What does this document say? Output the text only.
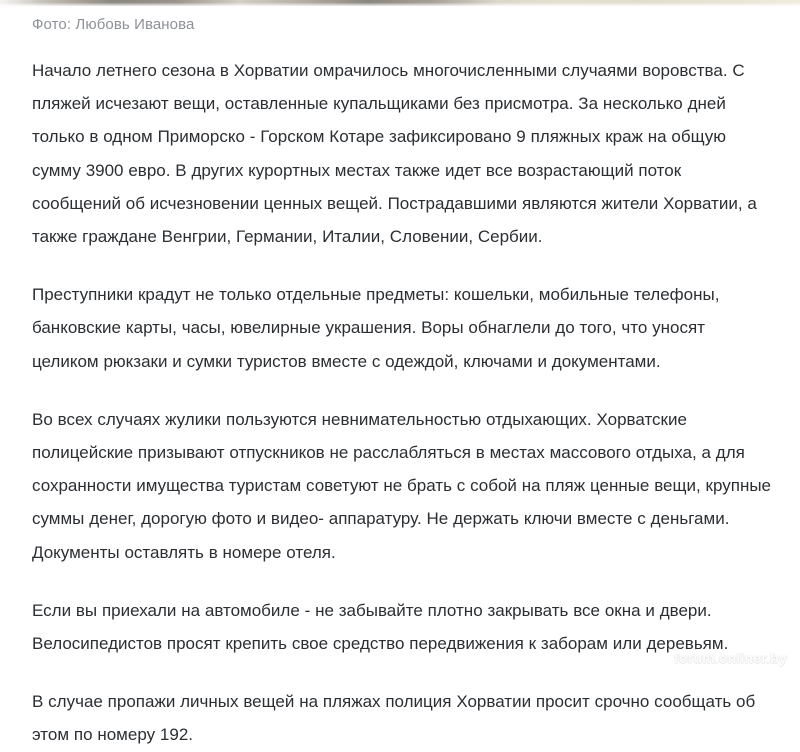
Фото: Любовь Иванова

Начало летнего сезона в Хорватии омрачилось многочисленными случаями воровства. С пляжей исчезают вещи, оставленные купальщиками без присмотра. За несколько дней только в одном Приморско - Горском Котаре зафиксировано 9 пляжных краж на общую сумму 3900 евро. В других курортных местах также идет все возрастающий поток сообщений об исчезновении ценных вещей. Пострадавшими являются жители Хорватии, а также граждане Венгрии, Германии, Италии, Словении, Сербии.

Преступники крадут не только отдельные предметы: кошельки, мобильные телефоны, банковские карты, часы, ювелирные украшения. Воры обнаглели до того, что уносят целиком рюкзаки и сумки туристов вместе с одеждой, ключами и документами.

Во всех случаях жулики пользуются невнимательностью отдыхающих. Хорватские полицейские призывают отпускников не расслабляться в местах массового отдыха, а для сохранности имущества туристам советуют не брать с собой на пляж ценные вещи, крупные суммы денег, дорогую фото и видео- аппаратуру. Не держать ключи вместе с деньгами. Документы оставлять в номере отеля.

Если вы приехали на автомобиле - не забывайте плотно закрывать все окна и двери. Велосипедистов просят крепить свое средство передвижения к заборам или деревьям.

В случае пропажи личных вещей на пляжах полиция Хорватии просит срочно сообщать об этом по номеру 192.

forum.onliner.by
